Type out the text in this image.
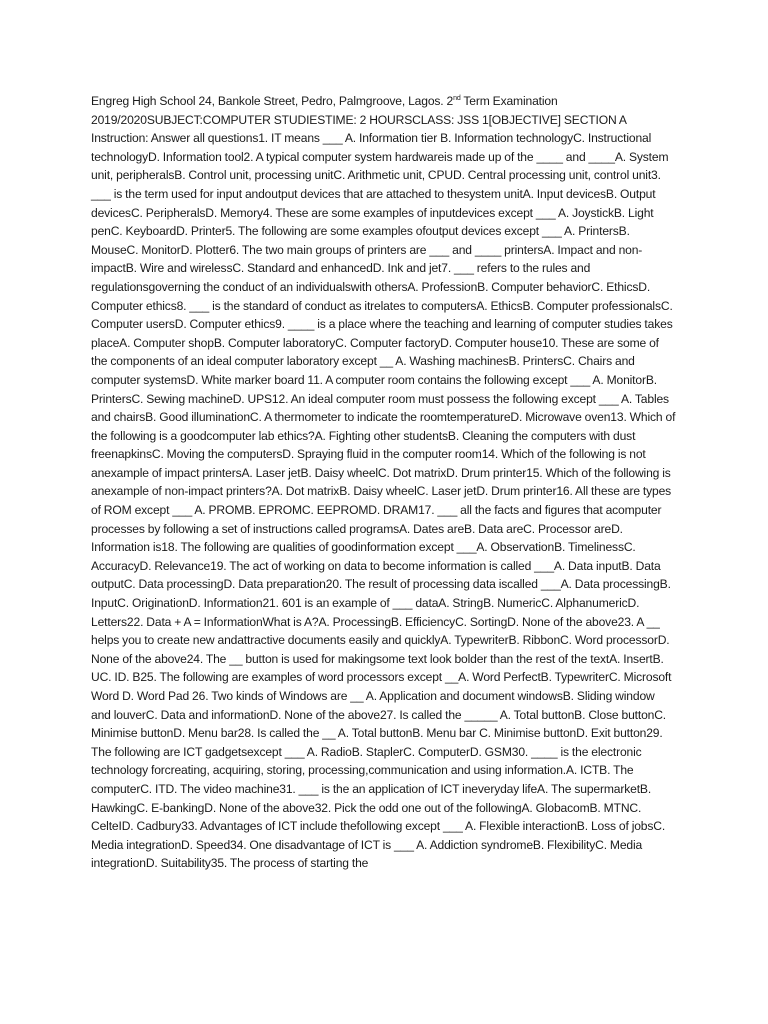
Engreg High School 24, Bankole Street, Pedro, Palmgroove, Lagos. 2nd Term Examination 2019/2020SUBJECT:COMPUTER STUDIESTIME: 2 HOURSCLASS: JSS 1[OBJECTIVE] SECTION A Instruction: Answer all questions1. IT means ___ A. Information tier B. Information technologyC. Instructional technologyD. Information tool2. A typical computer system hardwareis made up of the ____ and ____A. System unit, peripheralsB. Control unit, processing unitC. Arithmetic unit, CPUD. Central processing unit, control unit3. ___ is the term used for input andoutput devices that are attached to thesystem unitA. Input devicesB. Output devicesC. PeripheralsD. Memory4. These are some examples of inputdevices except ___ A. JoystickB. Light penC. KeyboardD. Printer5. The following are some examples ofoutput devices except ___ A. PrintersB. MouseC. MonitorD. Plotter6. The two main groups of printers are ___ and ____ printersA. Impact and non-impactB. Wire and wirelessC. Standard and enhancedD. Ink and jet7. ___ refers to the rules and regulationsgoverning the conduct of an individualswith othersA. ProfessionB. Computer behaviorC. EthicsD. Computer ethics8. ___ is the standard of conduct as itrelates to computersA. EthicsB. Computer professionalsC. Computer usersD. Computer ethics9. ____ is a place where the teaching and learning of computer studies takes placeA. Computer shopB. Computer laboratoryC. Computer factoryD. Computer house10. These are some of the components of an ideal computer laboratory except __ A. Washing machinesB. PrintersC. Chairs and computer systemsD. White marker board 11. A computer room contains the following except ___ A. MonitorB. PrintersC. Sewing machineD. UPS12. An ideal computer room must possess the following except ___ A. Tables and chairsB. Good illuminationC. A thermometer to indicate the roomtemperatureD. Microwave oven13. Which of the following is a goodcomputer lab ethics?A. Fighting other studentsB. Cleaning the computers with dust freenapkinsC. Moving the computersD. Spraying fluid in the computer room14. Which of the following is not anexample of impact printersA. Laser jetB. Daisy wheelC. Dot matrixD. Drum printer15. Which of the following is anexample of non-impact printers?A. Dot matrixB. Daisy wheelC. Laser jetD. Drum printer16. All these are types of ROM except ___ A. PROMB. EPROMC. EEPROMD. DRAM17. ___ all the facts and figures that acomputer processes by following a set of instructions called programsA. Dates areB. Data areC. Processor areD. Information is18. The following are qualities of goodinformation except ___A. ObservationB. TimelinessC. AccuracyD. Relevance19. The act of working on data to become information is called ___A. Data inputB. Data outputC. Data processingD. Data preparation20. The result of processing data iscalled ___A. Data processingB. InputC. OriginationD. Information21. 601 is an example of ___ dataA. StringB. NumericC. AlphanumericD. Letters22. Data + A = InformationWhat is A?A. ProcessingB. EfficiencyC. SortingD. None of the above23. A __ helps you to create new andattractive documents easily and quicklyA. TypewriterB. RibbonC. Word processorD. None of the above24. The __ button is used for makingsome text look bolder than the rest of the textA. InsertB. UC. ID. B25. The following are examples of word processors except __A. Word PerfectB. TypewriterC. Microsoft Word D. Word Pad 26. Two kinds of Windows are __ A. Application and document windowsB. Sliding window and louverC. Data and informationD. None of the above27. Is called the _____ A. Total buttonB. Close buttonC. Minimise buttonD. Menu bar28. Is called the __ A. Total buttonB. Menu bar C. Minimise buttonD. Exit button29. The following are ICT gadgetsexcept ___ A. RadioB. StaplerC. ComputerD. GSM30. ____ is the electronic technology forcreating, acquiring, storing, processing,communication and using information.A. ICTB. The computerC. ITD. The video machine31. ___ is the an application of ICT ineveryday lifeA. The supermarketB. HawkingC. E-bankingD. None of the above32. Pick the odd one out of the followingA. GlobacomB. MTNC. CelteID. Cadbury33. Advantages of ICT include thefollowing except ___ A. Flexible interactionB. Loss of jobsC. Media integrationD. Speed34. One disadvantage of ICT is ___ A. Addiction syndromeB. FlexibilityC. Media integrationD. Suitability35. The process of starting the
